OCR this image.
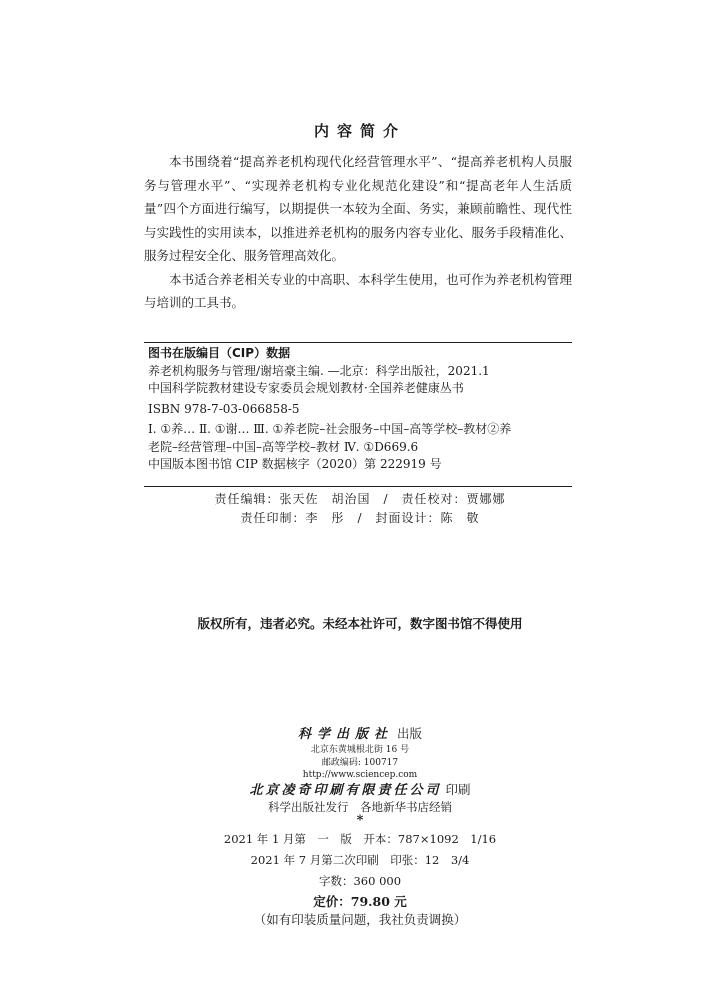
内容简介

本书围绕着“提高养老机构现代化经营管理水平”、“提高养老机构人员服务与管理水平”、“实现养老机构专业化规范化建设”和“提高老年人生活质量”四个方面进行编写，以期提供一本较为全面、务实，兼顾前瞻性、现代性与实践性的实用读本，以推进养老机构的服务内容专业化、服务手段精准化、服务过程安全化、服务管理高效化。

本书适合养老相关专业的中高职、本科学生使用，也可作为养老机构管理与培训的工具书。

图书在版编目（CIP）数据
养老机构服务与管理/谢培豪主编. —北京：科学出版社，2021.1
中国科学院教材建设专家委员会规划教材·全国养老健康丛书
ISBN 978-7-03-066858-5
Ⅰ. ①养… Ⅱ. ①谢… Ⅲ. ①养老院–社会服务–中国–高等学校–教材②养
老院–经营管理–中国–高等学校–教材 Ⅳ. ①D669.6
中国版本图书馆 CIP 数据核字（2020）第 222919 号
责任编辑：张天佐　胡治国　/　责任校对：贾娜娜
责任印制：李　彤　/　封面设计：陈　敬
版权所有，违者必究。未经本社许可，数字图书馆不得使用
科学出版社 出版
北京东黄城根北街 16 号
邮政编码: 100717
http://www.sciencep.com
北京凌奇印刷有限责任公司 印刷
科学出版社发行　各地新华书店经销
*
2021 年 1 月第　一　版　开本：787×1092　1/16
2021 年 7 月第二次印刷　印张：12　3/4
字数：360 000
定价：79.80 元
（如有印装质量问题，我社负责调换）
